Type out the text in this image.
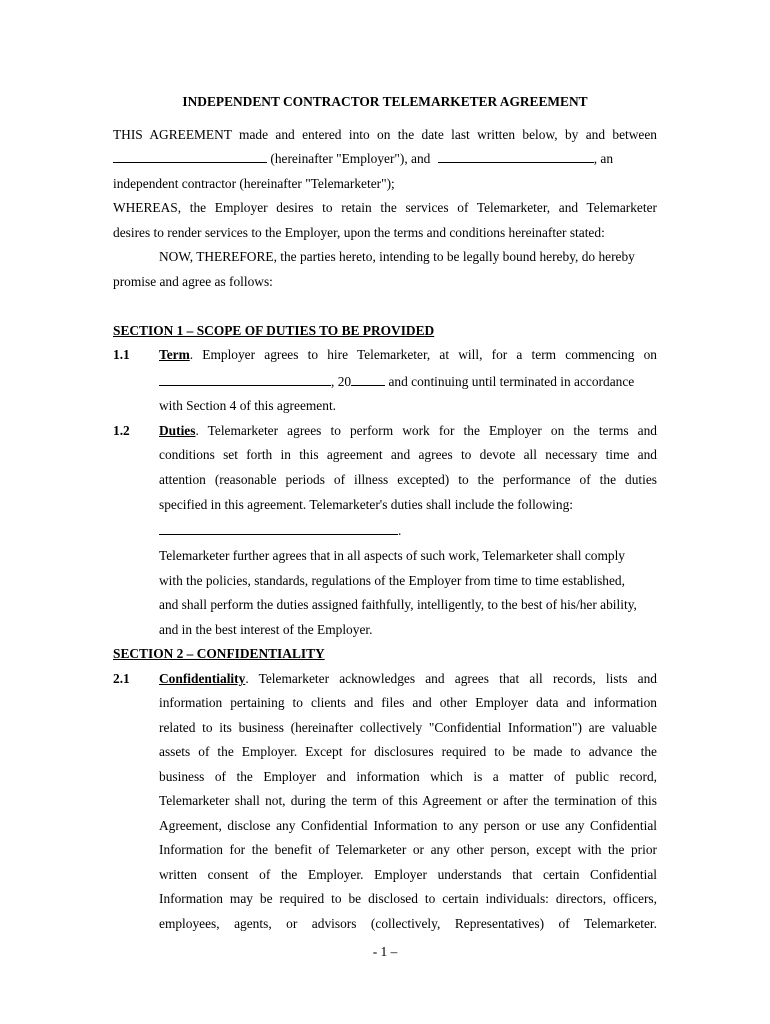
INDEPENDENT CONTRACTOR TELEMARKETER AGREEMENT
THIS AGREEMENT made and entered into on the date last written below, by and between
(hereinafter "Employer"), and	, an
independent contractor (hereinafter "Telemarketer");
WHEREAS, the Employer desires to retain the services of Telemarketer, and Telemarketer
desires to render services to the Employer, upon the terms and conditions hereinafter stated:
NOW, THEREFORE, the parties hereto, intending to be legally bound hereby, do hereby
promise and agree as follows:
SECTION 1 – SCOPE OF DUTIES TO BE PROVIDED
1.1 Term. Employer agrees to hire Telemarketer, at will, for a term commencing on
, 20	and continuing until terminated in accordance
with Section 4 of this agreement.
1.2 Duties. Telemarketer agrees to perform work for the Employer on the terms and
conditions set forth in this agreement and agrees to devote all necessary time and
attention (reasonable periods of illness excepted) to the performance of the duties
specified in this agreement. Telemarketer's duties shall include the following:
.
Telemarketer further agrees that in all aspects of such work, Telemarketer shall comply
with the policies, standards, regulations of the Employer from time to time established,
and shall perform the duties assigned faithfully, intelligently, to the best of his/her ability,
and in the best interest of the Employer.
SECTION 2 – CONFIDENTIALITY
2.1 Confidentiality. Telemarketer acknowledges and agrees that all records, lists and
information pertaining to clients and files and other Employer data and information
related to its business (hereinafter collectively "Confidential Information") are valuable
assets of the Employer. Except for disclosures required to be made to advance the
business of the Employer and information which is a matter of public record,
Telemarketer shall not, during the term of this Agreement or after the termination of this
Agreement, disclose any Confidential Information to any person or use any Confidential
Information for the benefit of Telemarketer or any other person, except with the prior
written consent of the Employer. Employer understands that certain Confidential
Information may be required to be disclosed to certain individuals: directors, officers,
employees, agents, or advisors (collectively, Representatives) of Telemarketer.
- 1 –
